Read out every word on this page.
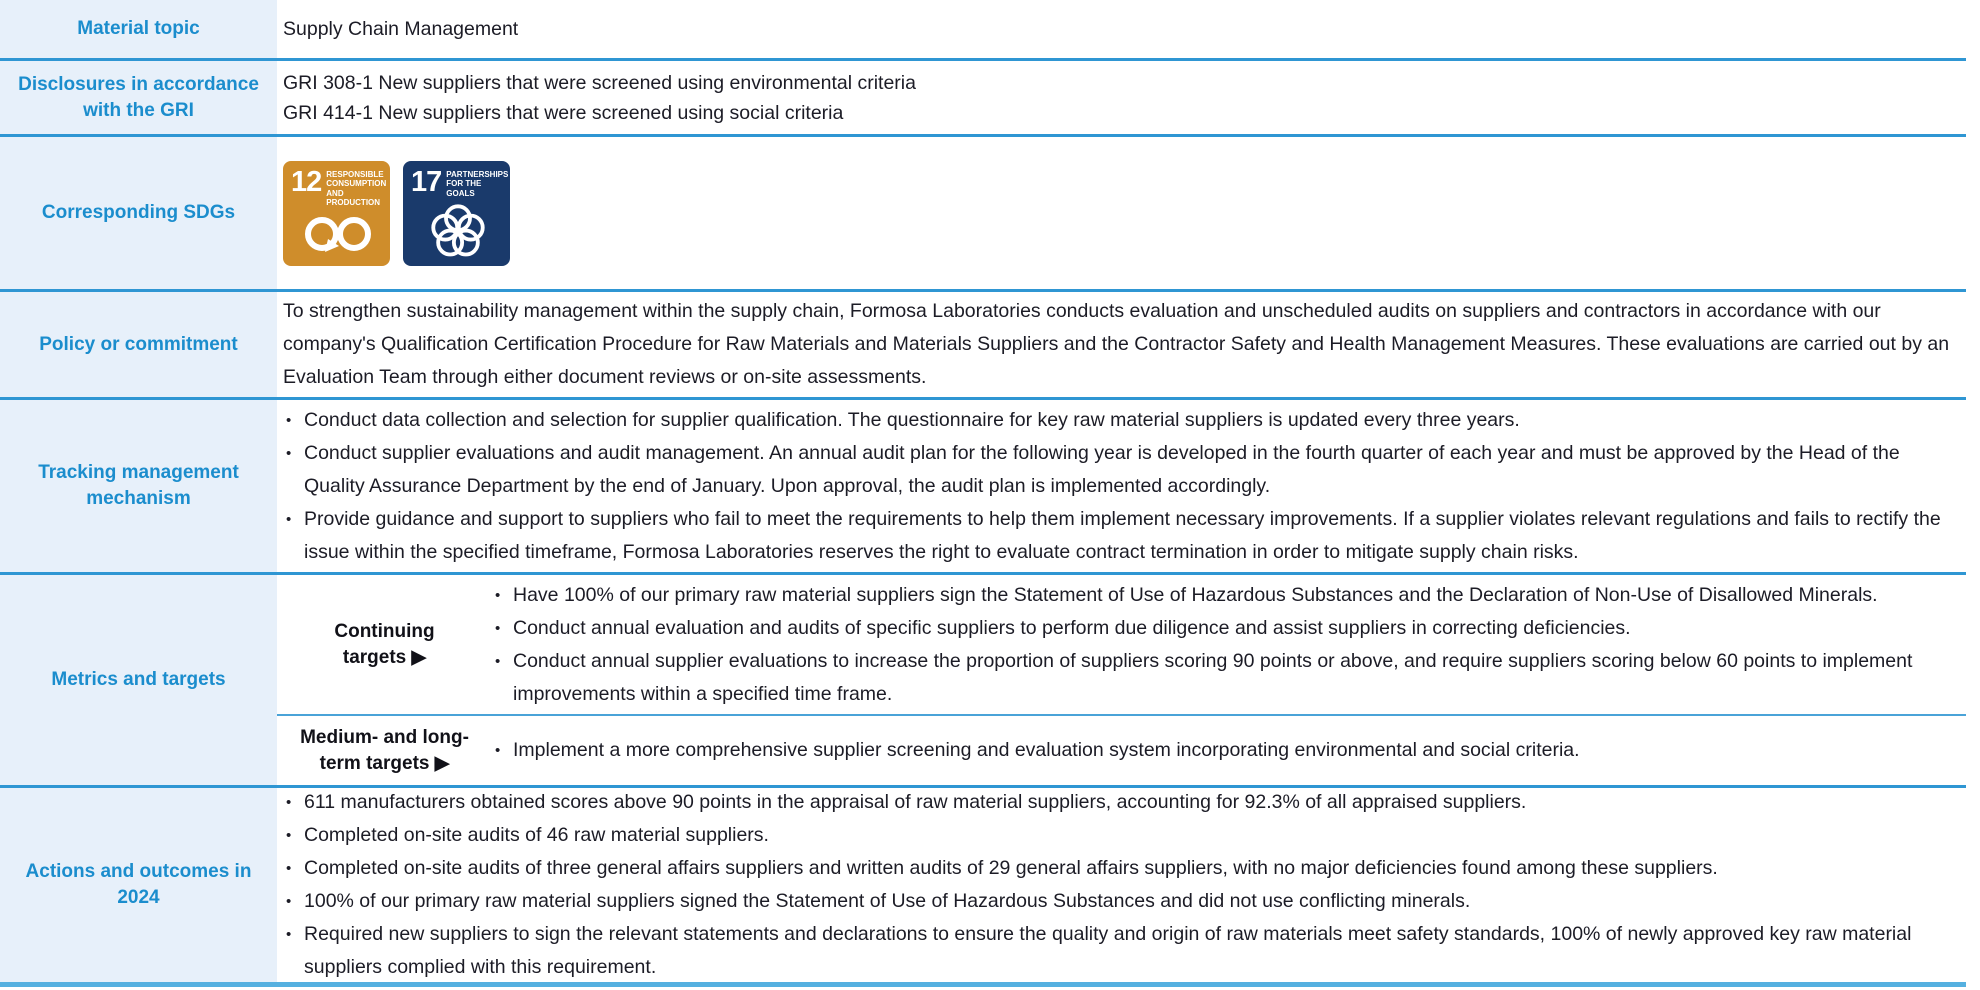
Material topic	Supply Chain Management
Disclosures in accordance with the GRI
GRI 308-1 New suppliers that were screened using environmental criteria
GRI 414-1 New suppliers that were screened using social criteria
Corresponding SDGs
12 RESPONSIBLE CONSUMPTION AND PRODUCTION
17 PARTNERSHIPS FOR THE GOALS
Policy or commitment
To strengthen sustainability management within the supply chain, Formosa Laboratories conducts evaluation and unscheduled audits on suppliers and contractors in accordance with our company's Qualification Certification Procedure for Raw Materials and Materials Suppliers and the Contractor Safety and Health Management Measures. These evaluations are carried out by an Evaluation Team through either document reviews or on-site assessments.
Tracking management mechanism
• Conduct data collection and selection for supplier qualification. The questionnaire for key raw material suppliers is updated every three years.
• Conduct supplier evaluations and audit management. An annual audit plan for the following year is developed in the fourth quarter of each year and must be approved by the Head of the Quality Assurance Department by the end of January. Upon approval, the audit plan is implemented accordingly.
• Provide guidance and support to suppliers who fail to meet the requirements to help them implement necessary improvements. If a supplier violates relevant regulations and fails to rectify the issue within the specified timeframe, Formosa Laboratories reserves the right to evaluate contract termination in order to mitigate supply chain risks.
Metrics and targets
Continuing
targets ▶
• Have 100% of our primary raw material suppliers sign the Statement of Use of Hazardous Substances and the Declaration of Non-Use of Disallowed Minerals.
• Conduct annual evaluation and audits of specific suppliers to perform due diligence and assist suppliers in correcting deficiencies.
• Conduct annual supplier evaluations to increase the proportion of suppliers scoring 90 points or above, and require suppliers scoring below 60 points to implement improvements within a specified time frame.
Medium- and long-
term targets ▶
• Implement a more comprehensive supplier screening and evaluation system incorporating environmental and social criteria.
Actions and outcomes in 2024
• 611 manufacturers obtained scores above 90 points in the appraisal of raw material suppliers, accounting for 92.3% of all appraised suppliers.
• Completed on-site audits of 46 raw material suppliers.
• Completed on-site audits of three general affairs suppliers and written audits of 29 general affairs suppliers, with no major deficiencies found among these suppliers.
• 100% of our primary raw material suppliers signed the Statement of Use of Hazardous Substances and did not use conflicting minerals.
• Required new suppliers to sign the relevant statements and declarations to ensure the quality and origin of raw materials meet safety standards, 100% of newly approved key raw material suppliers complied with this requirement.
